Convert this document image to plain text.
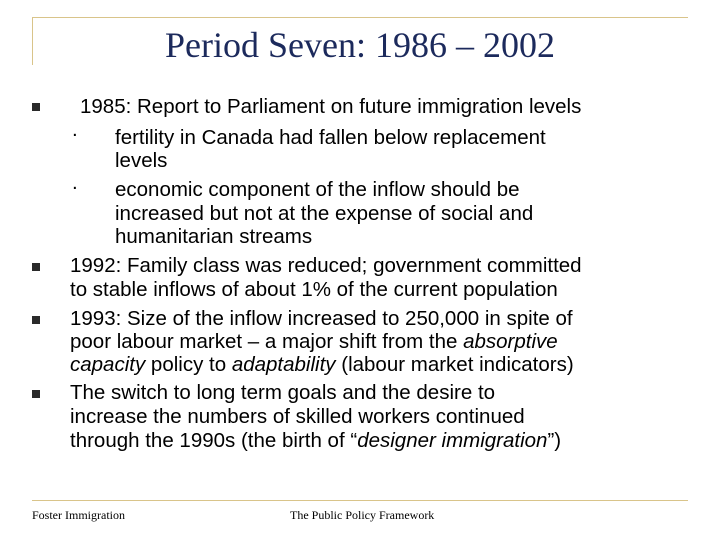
Period Seven: 1986 – 2002
1985: Report to Parliament on future immigration levels
. fertility in Canada had fallen below replacement
levels
. economic component of the inflow should be
increased but not at the expense of social and
humanitarian streams
1992: Family class was reduced; government committed
to stable inflows of about 1% of the current population
1993: Size of the inflow increased to 250,000 in spite of
poor labour market – a major shift from the absorptive
capacity policy to adaptability (labour market indicators)
The switch to long term goals and the desire to
increase the numbers of skilled workers continued
through the 1990s (the birth of “designer immigration”)
Foster Immigration	The Public Policy Framework
